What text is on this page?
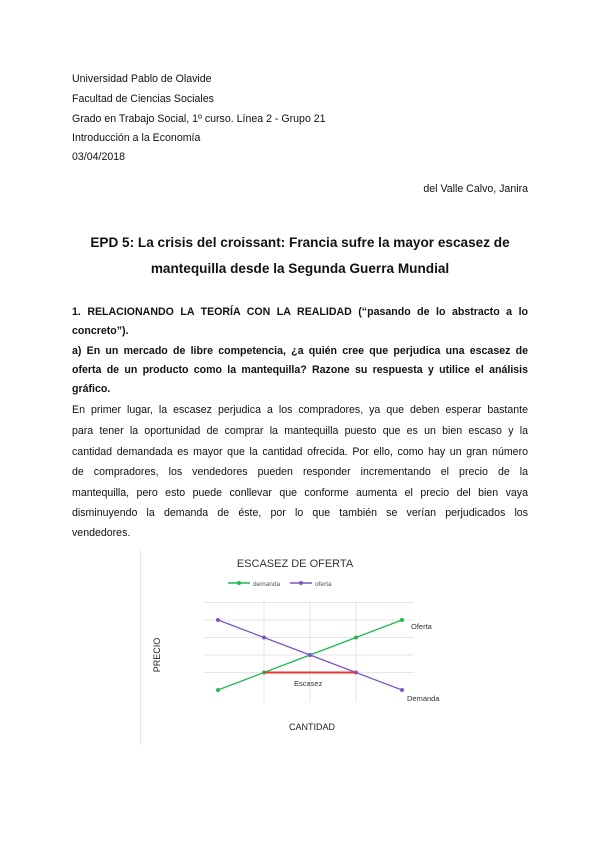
Universidad Pablo de Olavide
Facultad de Ciencias Sociales
Grado en Trabajo Social, 1º curso. Línea 2 - Grupo 21
Introducción a la Economía
03/04/2018
del Valle Calvo, Janira
EPD 5: La crisis del croissant: Francia sufre la mayor escasez de
mantequilla desde la Segunda Guerra Mundial
1. RELACIONANDO LA TEORÍA CON LA REALIDAD (“pasando de lo abstracto a lo
concreto”).
a) En un mercado de libre competencia, ¿a quién cree que perjudica una escasez de
oferta de un producto como la mantequilla? Razone su respuesta y utilice el análisis
gráfico.
En primer lugar, la escasez perjudica a los compradores, ya que deben esperar bastante
para tener la oportunidad de comprar la mantequilla puesto que es un bien escaso y la
cantidad demandada es mayor que la cantidad ofrecida. Por ello, como hay un gran número
de compradores, los vendedores pueden responder incrementando el precio de la
mantequilla, pero esto puede conllevar que conforme aumenta el precio del bien vaya
disminuyendo la demanda de éste, por lo que también se verían perjudicados los
vendedores.
ESCASEZ DE OFERTA
demanda	oferta
PRECIO
CANTIDAD
Oferta
Demanda
Escasez
